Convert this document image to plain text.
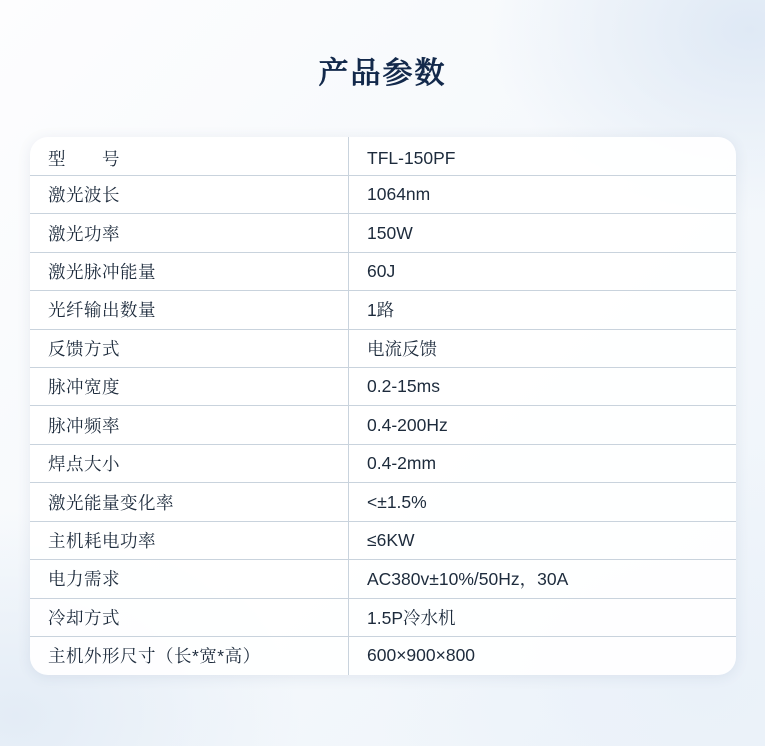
产品参数
型　　号	TFL-150PF
激光波长	1064nm
激光功率	150W
激光脉冲能量	60J
光纤输出数量	1路
反馈方式	电流反馈
脉冲宽度	0.2-15ms
脉冲频率	0.4-200Hz
焊点大小	0.4-2mm
激光能量变化率	<±1.5%
主机耗电功率	≤6KW
电力需求	AC380v±10%/50Hz，30A
冷却方式	1.5P冷水机
主机外形尺寸（长*宽*高）	600×900×800
